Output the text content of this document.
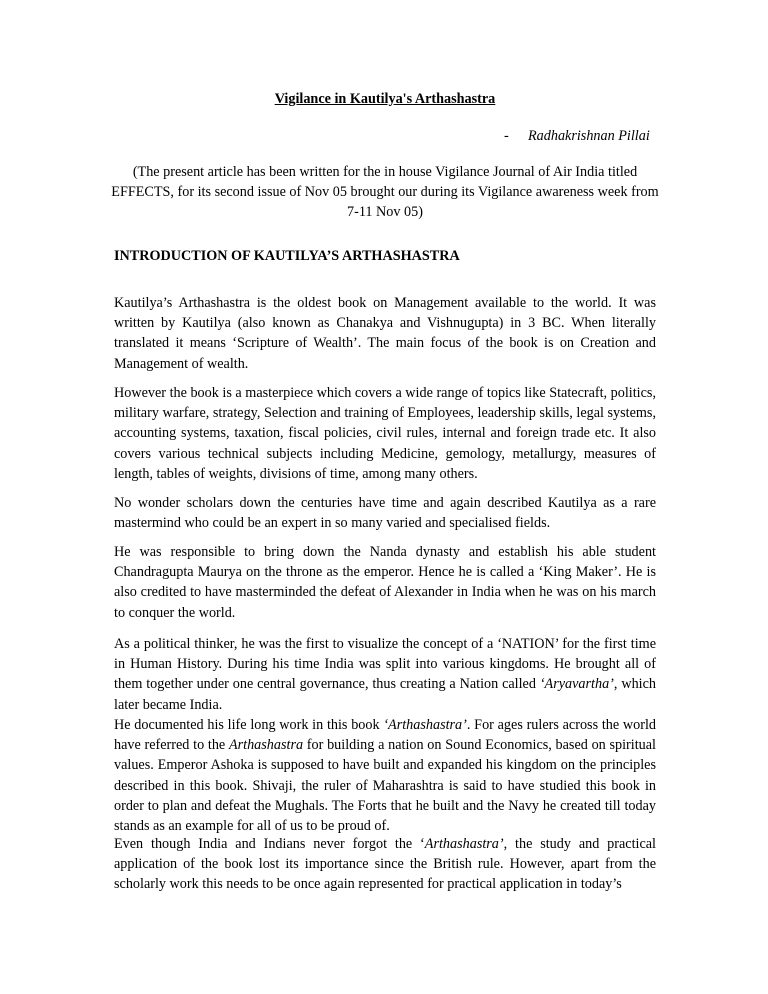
Vigilance in Kautilya's Arthashastra
- Radhakrishnan Pillai
(The present article has been written for the in house Vigilance Journal of Air India titled EFFECTS, for its second issue of Nov 05 brought our during its Vigilance awareness week from 7-11 Nov 05)
INTRODUCTION OF KAUTILYA’S ARTHASHASTRA

Kautilya’s Arthashastra is the oldest book on Management available to the world. It was written by Kautilya (also known as Chanakya and Vishnugupta) in 3 BC. When literally translated it means ‘Scripture of Wealth’. The main focus of the book is on Creation and Management of wealth.

However the book is a masterpiece which covers a wide range of topics like Statecraft, politics, military warfare, strategy, Selection and training of Employees, leadership skills, legal systems, accounting systems, taxation, fiscal policies, civil rules, internal and foreign trade etc. It also covers various technical subjects including Medicine, gemology, metallurgy, measures of length, tables of weights, divisions of time, among many others.

No wonder scholars down the centuries have time and again described Kautilya as a rare mastermind who could be an expert in so many varied and specialised fields.

He was responsible to bring down the Nanda dynasty and establish his able student Chandragupta Maurya on the throne as the emperor. Hence he is called a ‘King Maker’. He is also credited to have masterminded the defeat of Alexander in India when he was on his march to conquer the world.

As a political thinker, he was the first to visualize the concept of a ‘NATION’ for the first time in Human History. During his time India was split into various kingdoms. He brought all of them together under one central governance, thus creating a Nation called ‘Aryavartha’, which later became India.

He documented his life long work in this book ‘Arthashastra’. For ages rulers across the world have referred to the Arthashastra for building a nation on Sound Economics, based on spiritual values. Emperor Ashoka is supposed to have built and expanded his kingdom on the principles described in this book. Shivaji, the ruler of Maharashtra is said to have studied this book in order to plan and defeat the Mughals. The Forts that he built and the Navy he created till today stands as an example for all of us to be proud of.

Even though India and Indians never forgot the ‘Arthashastra’, the study and practical application of the book lost its importance since the British rule. However, apart from the scholarly work this needs to be once again represented for practical application in today’s
